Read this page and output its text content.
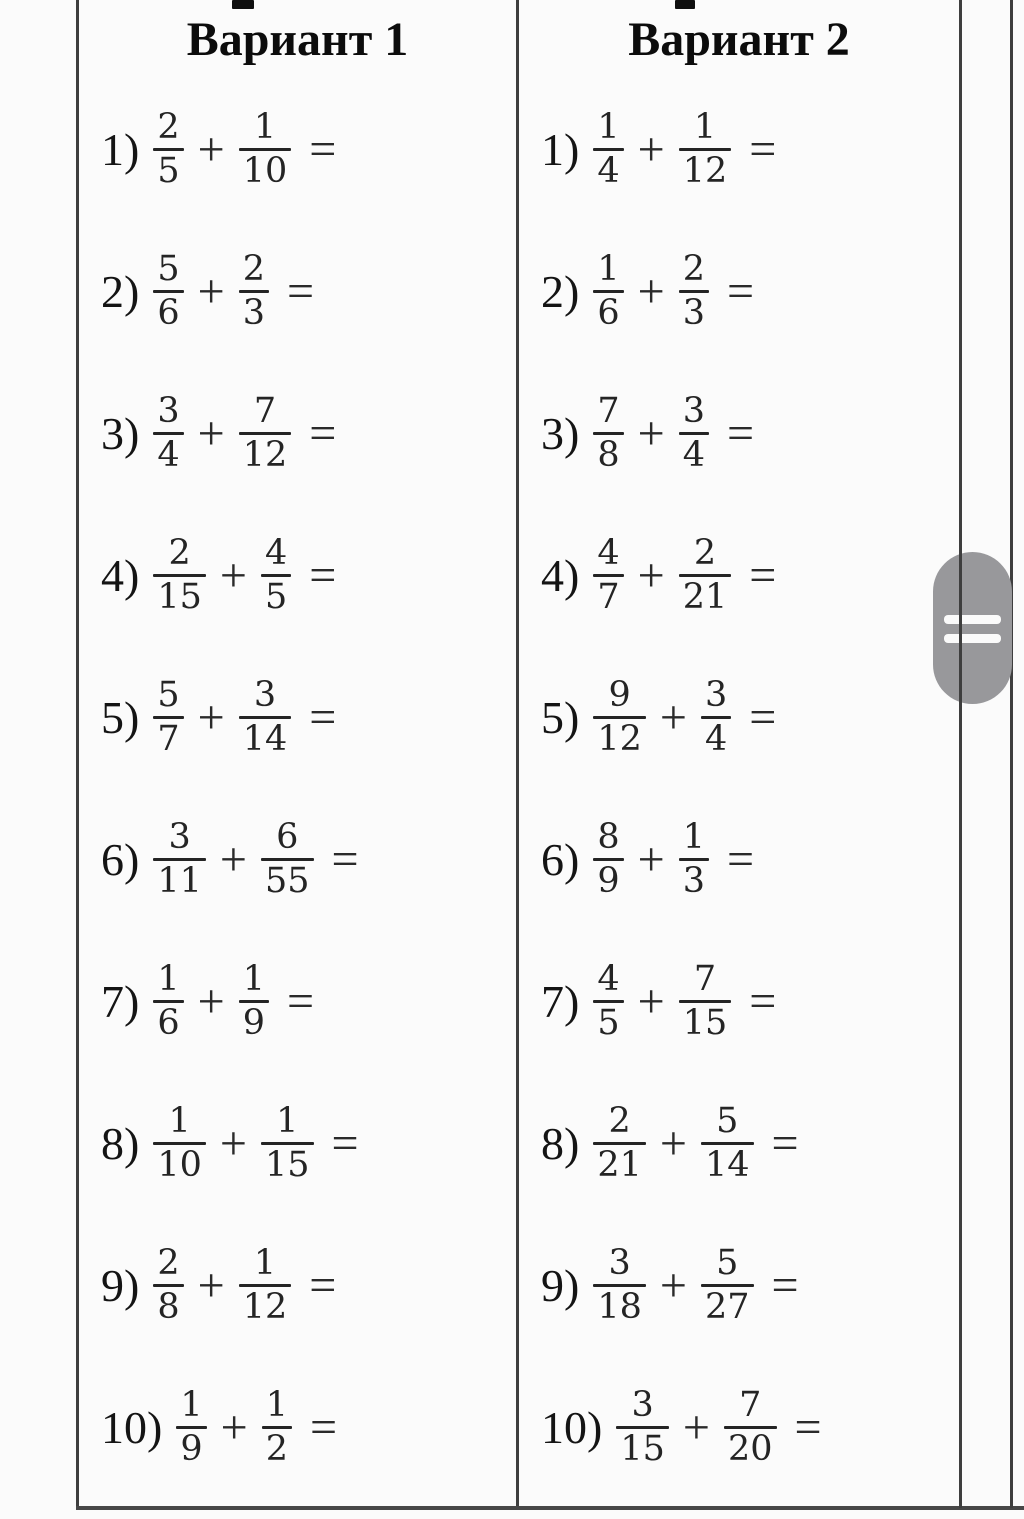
Вариант 1
$1) \frac{2}{5} + \frac{1}{10}$ =
$2) \frac{5}{6} + \frac{2}{3}$ =
$3) \frac{3}{4} + \frac{7}{12}$ =
$4) \frac{2}{15} + \frac{4}{5}$ =
$5) \frac{5}{7} + \frac{3}{14}$ =
$6) \frac{3}{11} + \frac{6}{55}$ =
$7) \frac{1}{6} + \frac{1}{9}$ =
$8) \frac{1}{10} + \frac{1}{15}$ =
$9) \frac{2}{8} + \frac{1}{12}$ =
$10) \frac{1}{9} + \frac{1}{2}$ =
Вариант 2
$1) \frac{1}{4} + \frac{1}{12}$ =
$2) \frac{1}{6} + \frac{2}{3}$ =
$3) \frac{7}{8} + \frac{3}{4}$ =
$4) \frac{4}{7} + \frac{2}{21}$ =
$5) \frac{9}{12} + \frac{3}{4}$ =
$6) \frac{8}{9} + \frac{1}{3}$ =
$7) \frac{4}{5} + \frac{7}{15}$ =
$8) \frac{2}{21} + \frac{5}{14}$ =
$9) \frac{3}{18} + \frac{5}{27}$ =
$10) \frac{3}{15} + \frac{7}{20}$ =
